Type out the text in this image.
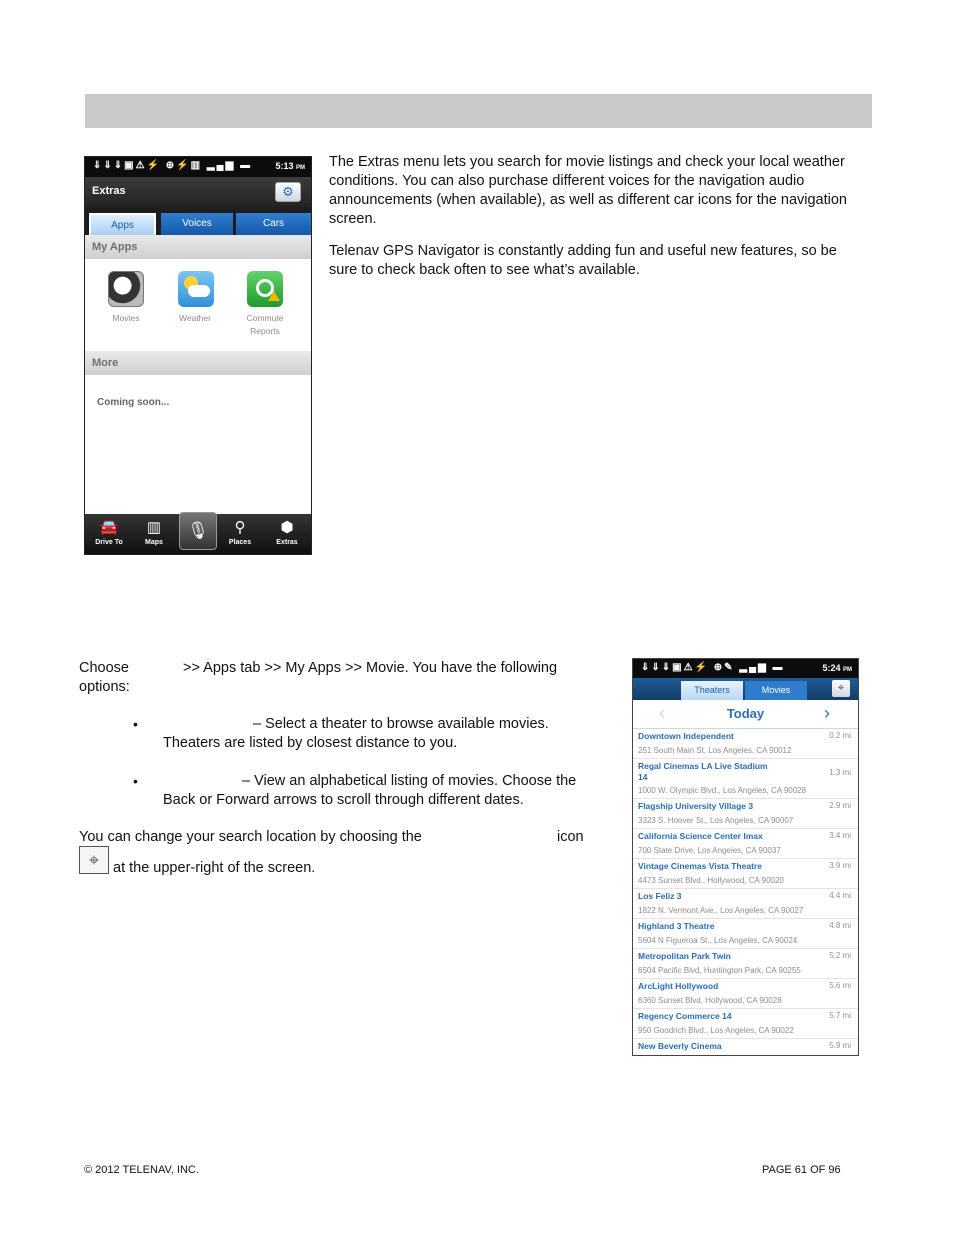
⇓⇓⇓▣⚠⚡ ⊕⚡▥ ▂▄▆ ▬	5:13 PM
Extras	⚙
Apps	Voices	Cars
My Apps
Movies	Weather	Commute Reports
More
Coming soon...
🚘
Drive To
▥
Maps
🎙	⚲
Places
⬢
Extras
The Extras menu lets you search for movie listings and check your local weather conditions. You can also purchase different voices for the navigation audio announcements (when available), as well as different car icons for the navigation screen.
Telenav GPS Navigator is constantly adding fun and useful new features, so be sure to check back often to see what’s available.
Choose	>> Apps tab >> My Apps >> Movie. You have the following options:
•	– Select a theater to browse available movies. Theaters are listed by closest distance to you.
•	– View an alphabetical listing of movies. Choose the Back or Forward arrows to scroll through different dates.
You can change your search location by choosing the	icon
⌖ at the upper-right of the screen.
⇓⇓⇓▣⚠⚡ ⊕✎ ▂▄▆ ▬	5:24 PM
Theaters	Movies	⌖
‹	Today	›
Downtown Independent	0.2 mi
251 South Main St, Los Angeles, CA 90012
Regal Cinemas LA Live Stadium 14	1.3 mi
1000 W. Olympic Blvd., Los Angeles, CA 90028
Flagship University Village 3	2.9 mi
3323 S. Hoover St., Los Angeles, CA 90007
California Science Center Imax	3.4 mi
700 State Drive, Los Angeles, CA 90037
Vintage Cinemas Vista Theatre	3.9 mi
4473 Sunset Blvd., Hollywood, CA 90020
Los Feliz 3	4.4 mi
1822 N. Vermont Ave., Los Angeles, CA 90027
Highland 3 Theatre	4.8 mi
5604 N Figueroa St., Los Angeles, CA 90024
Metropolitan Park Twin	5.2 mi
6504 Pacific Blvd, Huntington Park, CA 90255
ArcLight Hollywood	5.6 mi
6360 Sunset Blvd, Hollywood, CA 90028
Regency Commerce 14	5.7 mi
950 Goodrich Blvd., Los Angeles, CA 90022
New Beverly Cinema	5.9 mi
© 2012 TELENAV, INC.	PAGE 61 OF 96
